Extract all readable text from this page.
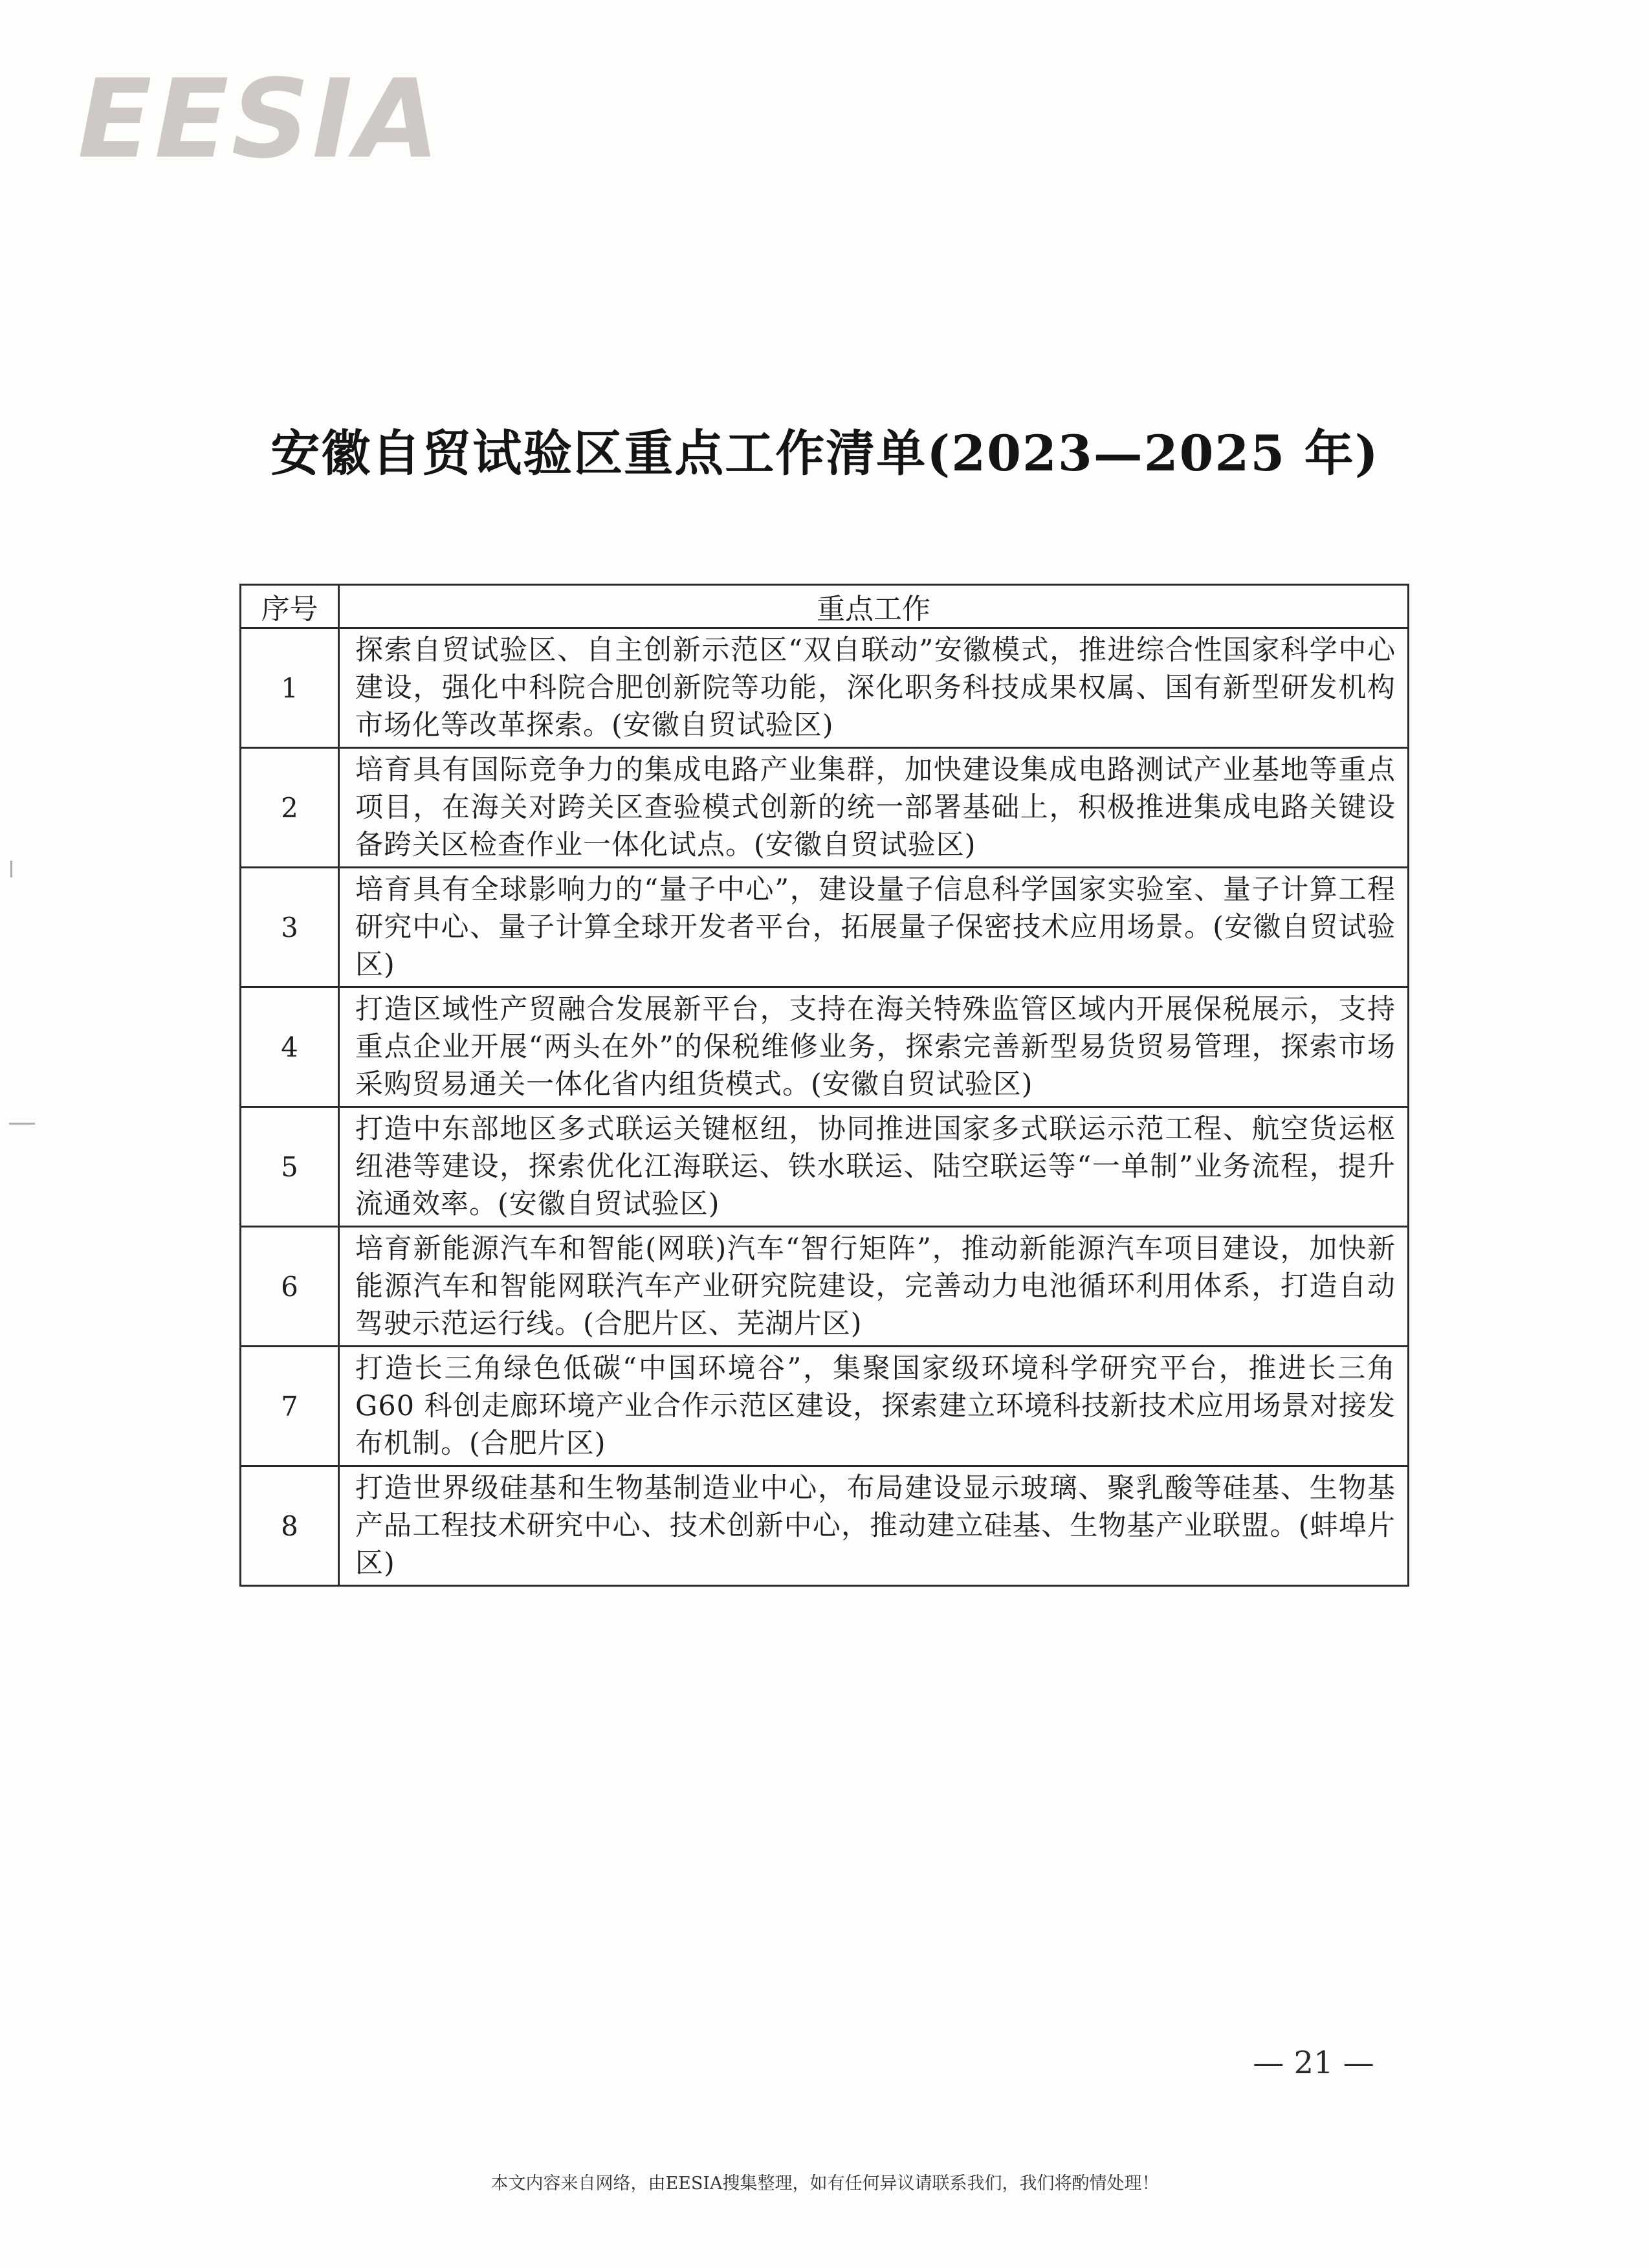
EESIA
安徽自贸试验区重点工作清单(2023—2025 年)
序号	重点工作
1	探索自贸试验区、自主创新示范区“双自联动”安徽模式，推进综合性国家科学中心建设，强化中科院合肥创新院等功能，深化职务科技成果权属、国有新型研发机构市场化等改革探索。(安徽自贸试验区)
2	培育具有国际竞争力的集成电路产业集群，加快建设集成电路测试产业基地等重点项目，在海关对跨关区查验模式创新的统一部署基础上，积极推进集成电路关键设备跨关区检查作业一体化试点。(安徽自贸试验区)
3	培育具有全球影响力的“量子中心”，建设量子信息科学国家实验室、量子计算工程研究中心、量子计算全球开发者平台，拓展量子保密技术应用场景。(安徽自贸试验区)
4	打造区域性产贸融合发展新平台，支持在海关特殊监管区域内开展保税展示，支持重点企业开展“两头在外”的保税维修业务，探索完善新型易货贸易管理，探索市场采购贸易通关一体化省内组货模式。(安徽自贸试验区)
5	打造中东部地区多式联运关键枢纽，协同推进国家多式联运示范工程、航空货运枢纽港等建设，探索优化江海联运、铁水联运、陆空联运等“一单制”业务流程，提升流通效率。(安徽自贸试验区)
6	培育新能源汽车和智能(网联)汽车“智行矩阵”，推动新能源汽车项目建设，加快新能源汽车和智能网联汽车产业研究院建设，完善动力电池循环利用体系，打造自动驾驶示范运行线。(合肥片区、芜湖片区)
7	打造长三角绿色低碳“中国环境谷”，集聚国家级环境科学研究平台，推进长三角 G60 科创走廊环境产业合作示范区建设，探索建立环境科技新技术应用场景对接发布机制。(合肥片区)
8	打造世界级硅基和生物基制造业中心，布局建设显示玻璃、聚乳酸等硅基、生物基产品工程技术研究中心、技术创新中心，推动建立硅基、生物基产业联盟。(蚌埠片区)
— 21 —
本文内容来自网络，由EESIA搜集整理，如有任何异议请联系我们，我们将酌情处理！
